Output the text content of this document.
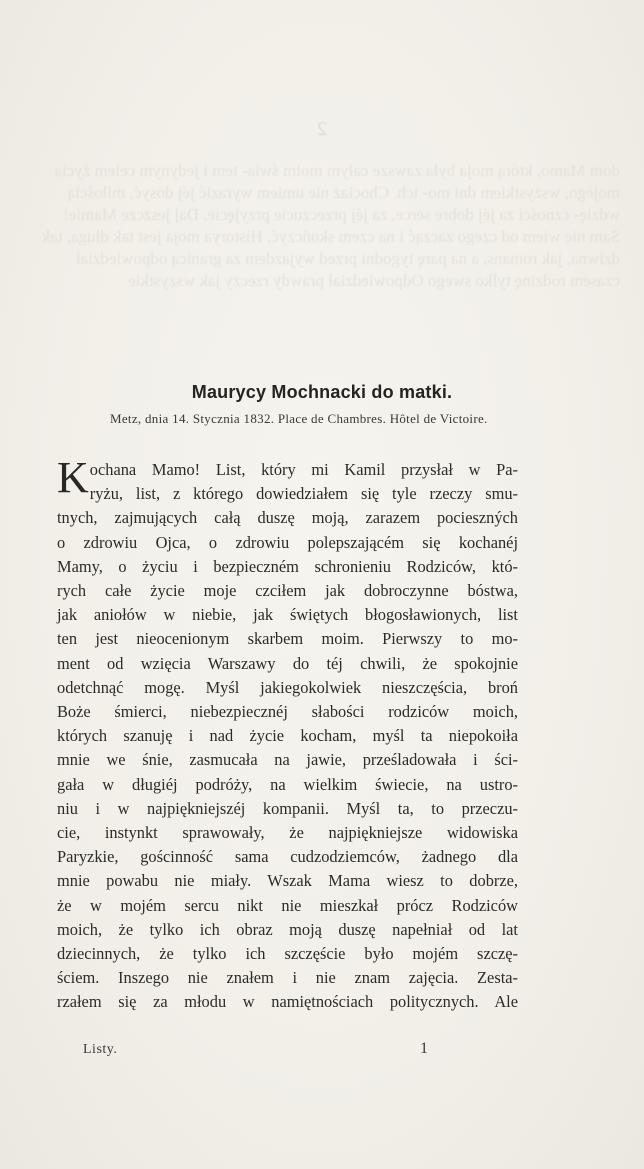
2
dom Mamo, którą moja była zawsze całym moim świa- tem i jedynym celem życia mojego, wszystkiem dni mo- ich. Chociaż nie umiem wyrazić jéj dosyć, miłością wdzię- czności za jéj dobre serce, za jéj przeczucie przyjęcie. Daj jeszcze Mamie! Sam nie wiem od czego zacząć i na czem skończyć. Historya moja jest tak długa, tak dziwna, jak romans, a na parę tygodni przed wyjazdem za granicą odpowiedział czasem rodzinę tylko swego Odpowiedział prawdy rzeczy jak wszystkie
Maurycy Mochnacki do matki.
Metz, dnia 14. Stycznia 1832. Place de Chambres. Hôtel de Victoire.
K ochana Mamo! List, który mi Kamil przysłał w Pa-
ryżu, list, z którego dowiedziałem się tyle rzeczy smu-
tnych, zajmujących całą duszę moją, zarazem pocieszných
o zdrowiu Ojca, o zdrowiu polepszającém się kochanéj
Mamy, o życiu i bezpieczném schronieniu Rodziców, któ-
rych całe życie moje czciłem jak dobroczynne bóstwa,
jak aniołów w niebie, jak świętych błogosławionych, list
ten jest nieocenionym skarbem moim. Pierwszy to mo-
ment od wzięcia Warszawy do téj chwili, że spokojnie
odetchnąć mogę. Myśl jakiegokolwiek nieszczęścia, broń
Boże śmierci, niebezpiecznéj słabości rodziców moich,
których szanuję i nad życie kocham, myśl ta niepokoiła
mnie we śnie, zasmucała na jawie, prześladowała i ści-
gała w długiéj podróży, na wielkim świecie, na ustro-
niu i w najpiękniejszéj kompanii. Myśl ta, to przeczu-
cie, instynkt sprawowały, że najpiękniejsze widowiska
Paryzkie, gościnność sama cudzodziemców, żadnego dla
mnie powabu nie miały. Wszak Mama wiesz to dobrze,
że w mojém sercu nikt nie mieszkał prócz Rodziców
moich, że tylko ich obraz moją duszę napełniał od lat
dziecinnych, że tylko ich szczęście było mojém szczę-
ściem. Inszego nie znałem i nie znam zajęcia. Zesta-
rzałem się za młodu w namiętnościach politycznych. Ale
Listy.	1
